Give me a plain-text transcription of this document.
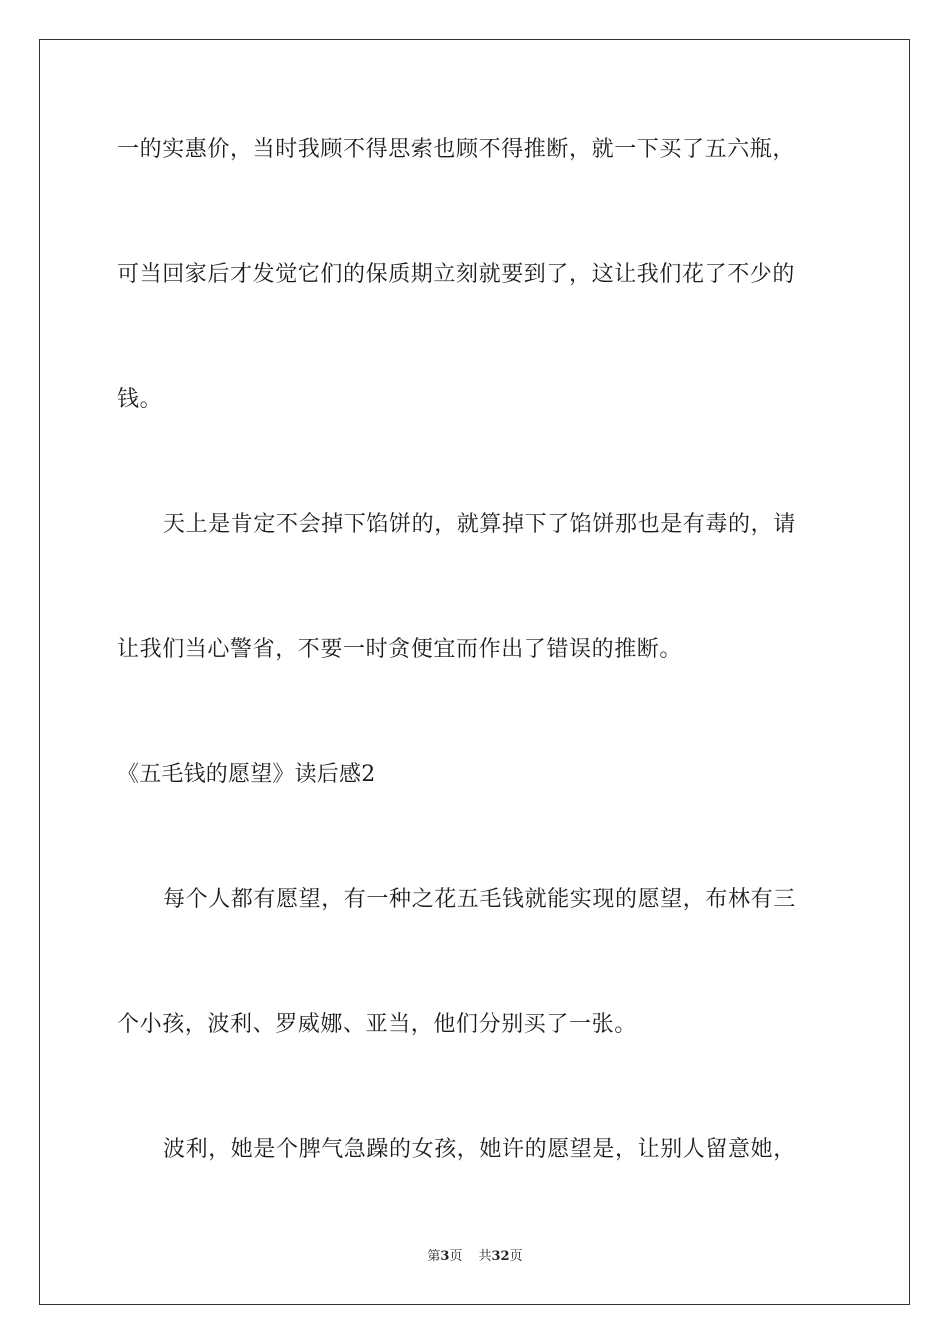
一的实惠价，当时我顾不得思索也顾不得推断，就一下买了五六瓶，
可当回家后才发觉它们的保质期立刻就要到了，这让我们花了不少的
钱。
天上是肯定不会掉下馅饼的，就算掉下了馅饼那也是有毒的，请
让我们当心警省，不要一时贪便宜而作出了错误的推断。
《五毛钱的愿望》读后感2
每个人都有愿望，有一种之花五毛钱就能实现的愿望，布林有三
个小孩，波利、罗威娜、亚当，他们分别买了一张。
波利，她是个脾气急躁的女孩，她许的愿望是，让别人留意她，
第3页 共32页
